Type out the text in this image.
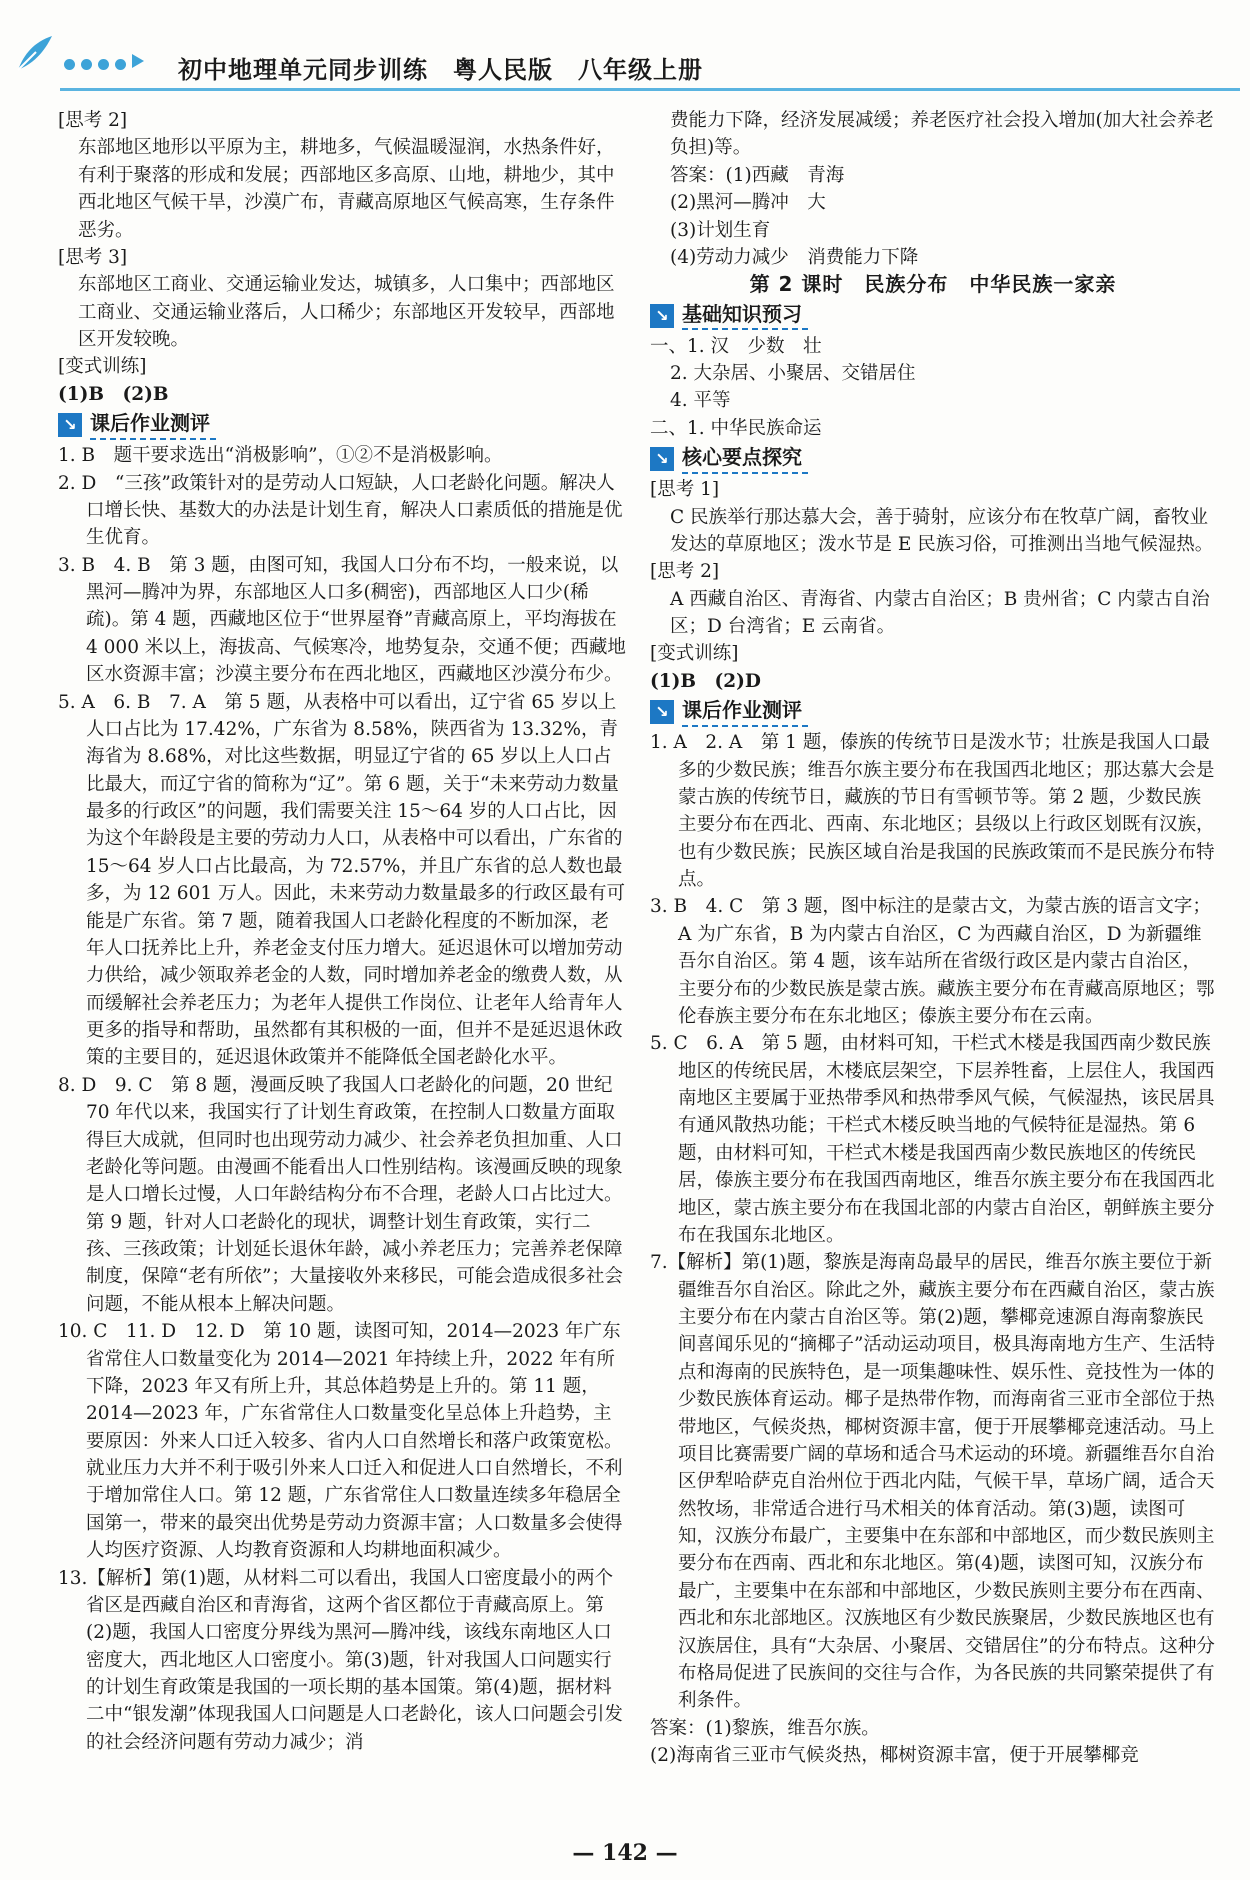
初中地理单元同步训练　粤人民版　八年级上册

[思考 2]

东部地区地形以平原为主，耕地多，气候温暖湿润，水热条件好，有利于聚落的形成和发展；西部地区多高原、山地，耕地少，其中西北地区气候干旱，沙漠广布，青藏高原地区气候高寒，生存条件恶劣。

[思考 3]

东部地区工商业、交通运输业发达，城镇多，人口集中；西部地区工商业、交通运输业落后，人口稀少；东部地区开发较早，西部地区开发较晚。

[变式训练]

(1)B　(2)B

↘ 课后作业测评

1. B　题干要求选出“消极影响”，①②不是消极影响。

2. D　“三孩”政策针对的是劳动人口短缺，人口老龄化问题。解决人口增长快、基数大的办法是计划生育，解决人口素质低的措施是优生优育。

3. B　4. B　第 3 题，由图可知，我国人口分布不均，一般来说，以黑河—腾冲为界，东部地区人口多(稠密)，西部地区人口少(稀疏)。第 4 题，西藏地区位于“世界屋脊”青藏高原上，平均海拔在 4 000 米以上，海拔高、气候寒冷，地势复杂，交通不便；西藏地区水资源丰富；沙漠主要分布在西北地区，西藏地区沙漠分布少。

5. A　6. B　7. A　第 5 题，从表格中可以看出，辽宁省 65 岁以上人口占比为 17.42%，广东省为 8.58%，陕西省为 13.32%，青海省为 8.68%，对比这些数据，明显辽宁省的 65 岁以上人口占比最大，而辽宁省的简称为“辽”。第 6 题，关于“未来劳动力数量最多的行政区”的问题，我们需要关注 15～64 岁的人口占比，因为这个年龄段是主要的劳动力人口，从表格中可以看出，广东省的 15～64 岁人口占比最高，为 72.57%，并且广东省的总人数也最多，为 12 601 万人。因此，未来劳动力数量最多的行政区最有可能是广东省。第 7 题，随着我国人口老龄化程度的不断加深，老年人口抚养比上升，养老金支付压力增大。延迟退休可以增加劳动力供给，减少领取养老金的人数，同时增加养老金的缴费人数，从而缓解社会养老压力；为老年人提供工作岗位、让老年人给青年人更多的指导和帮助，虽然都有其积极的一面，但并不是延迟退休政策的主要目的，延迟退休政策并不能降低全国老龄化水平。

8. D　9. C　第 8 题，漫画反映了我国人口老龄化的问题，20 世纪 70 年代以来，我国实行了计划生育政策，在控制人口数量方面取得巨大成就，但同时也出现劳动力减少、社会养老负担加重、人口老龄化等问题。由漫画不能看出人口性别结构。该漫画反映的现象是人口增长过慢，人口年龄结构分布不合理，老龄人口占比过大。第 9 题，针对人口老龄化的现状，调整计划生育政策，实行二孩、三孩政策；计划延长退休年龄，减小养老压力；完善养老保障制度，保障“老有所依”；大量接收外来移民，可能会造成很多社会问题，不能从根本上解决问题。

10. C　11. D　12. D　第 10 题，读图可知，2014—2023 年广东省常住人口数量变化为 2014—2021 年持续上升，2022 年有所下降，2023 年又有所上升，其总体趋势是上升的。第 11 题，2014—2023 年，广东省常住人口数量变化呈总体上升趋势，主要原因：外来人口迁入较多、省内人口自然增长和落户政策宽松。就业压力大并不利于吸引外来人口迁入和促进人口自然增长，不利于增加常住人口。第 12 题，广东省常住人口数量连续多年稳居全国第一，带来的最突出优势是劳动力资源丰富；人口数量多会使得人均医疗资源、人均教育资源和人均耕地面积减少。

13.【解析】第(1)题，从材料二可以看出，我国人口密度最小的两个省区是西藏自治区和青海省，这两个省区都位于青藏高原上。第(2)题，我国人口密度分界线为黑河—腾冲线，该线东南地区人口密度大，西北地区人口密度小。第(3)题，针对我国人口问题实行的计划生育政策是我国的一项长期的基本国策。第(4)题，据材料二中“银发潮”体现我国人口问题是人口老龄化，该人口问题会引发的社会经济问题有劳动力减少；消

费能力下降，经济发展减缓；养老医疗社会投入增加(加大社会养老负担)等。

答案：(1)西藏　青海

(2)黑河—腾冲　大

(3)计划生育

(4)劳动力减少　消费能力下降

第 2 课时　民族分布　中华民族一家亲

↘ 基础知识预习

一、1. 汉　少数　壮

2. 大杂居、小聚居、交错居住

4. 平等

二、1. 中华民族命运

↘ 核心要点探究

[思考 1]

C 民族举行那达慕大会，善于骑射，应该分布在牧草广阔，畜牧业发达的草原地区；泼水节是 E 民族习俗，可推测出当地气候湿热。

[思考 2]

A 西藏自治区、青海省、内蒙古自治区；B 贵州省；C 内蒙古自治区；D 台湾省；E 云南省。

[变式训练]

(1)B　(2)D

↘ 课后作业测评

1. A　2. A　第 1 题，傣族的传统节日是泼水节；壮族是我国人口最多的少数民族；维吾尔族主要分布在我国西北地区；那达慕大会是蒙古族的传统节日，藏族的节日有雪顿节等。第 2 题，少数民族主要分布在西北、西南、东北地区；县级以上行政区划既有汉族，也有少数民族；民族区域自治是我国的民族政策而不是民族分布特点。

3. B　4. C　第 3 题，图中标注的是蒙古文，为蒙古族的语言文字；A 为广东省，B 为内蒙古自治区，C 为西藏自治区，D 为新疆维吾尔自治区。第 4 题，该车站所在省级行政区是内蒙古自治区，主要分布的少数民族是蒙古族。藏族主要分布在青藏高原地区；鄂伦春族主要分布在东北地区；傣族主要分布在云南。

5. C　6. A　第 5 题，由材料可知，干栏式木楼是我国西南少数民族地区的传统民居，木楼底层架空，下层养牲畜，上层住人，我国西南地区主要属于亚热带季风和热带季风气候，气候湿热，该民居具有通风散热功能；干栏式木楼反映当地的气候特征是湿热。第 6 题，由材料可知，干栏式木楼是我国西南少数民族地区的传统民居，傣族主要分布在我国西南地区，维吾尔族主要分布在我国西北地区，蒙古族主要分布在我国北部的内蒙古自治区，朝鲜族主要分布在我国东北地区。

7.【解析】第(1)题，黎族是海南岛最早的居民，维吾尔族主要位于新疆维吾尔自治区。除此之外，藏族主要分布在西藏自治区，蒙古族主要分布在内蒙古自治区等。第(2)题，攀椰竞速源自海南黎族民间喜闻乐见的“摘椰子”活动运动项目，极具海南地方生产、生活特点和海南的民族特色，是一项集趣味性、娱乐性、竞技性为一体的少数民族体育运动。椰子是热带作物，而海南省三亚市全部位于热带地区，气候炎热，椰树资源丰富，便于开展攀椰竞速活动。马上项目比赛需要广阔的草场和适合马术运动的环境。新疆维吾尔自治区伊犁哈萨克自治州位于西北内陆，气候干旱，草场广阔，适合天然牧场，非常适合进行马术相关的体育活动。第(3)题，读图可知，汉族分布最广，主要集中在东部和中部地区，而少数民族则主要分布在西南、西北和东北地区。第(4)题，读图可知，汉族分布最广，主要集中在东部和中部地区，少数民族则主要分布在西南、西北和东北部地区。汉族地区有少数民族聚居，少数民族地区也有汉族居住，具有“大杂居、小聚居、交错居住”的分布特点。这种分布格局促进了民族间的交往与合作，为各民族的共同繁荣提供了有利条件。

答案：(1)黎族，维吾尔族。

(2)海南省三亚市气候炎热，椰树资源丰富，便于开展攀椰竞

— 142 —
